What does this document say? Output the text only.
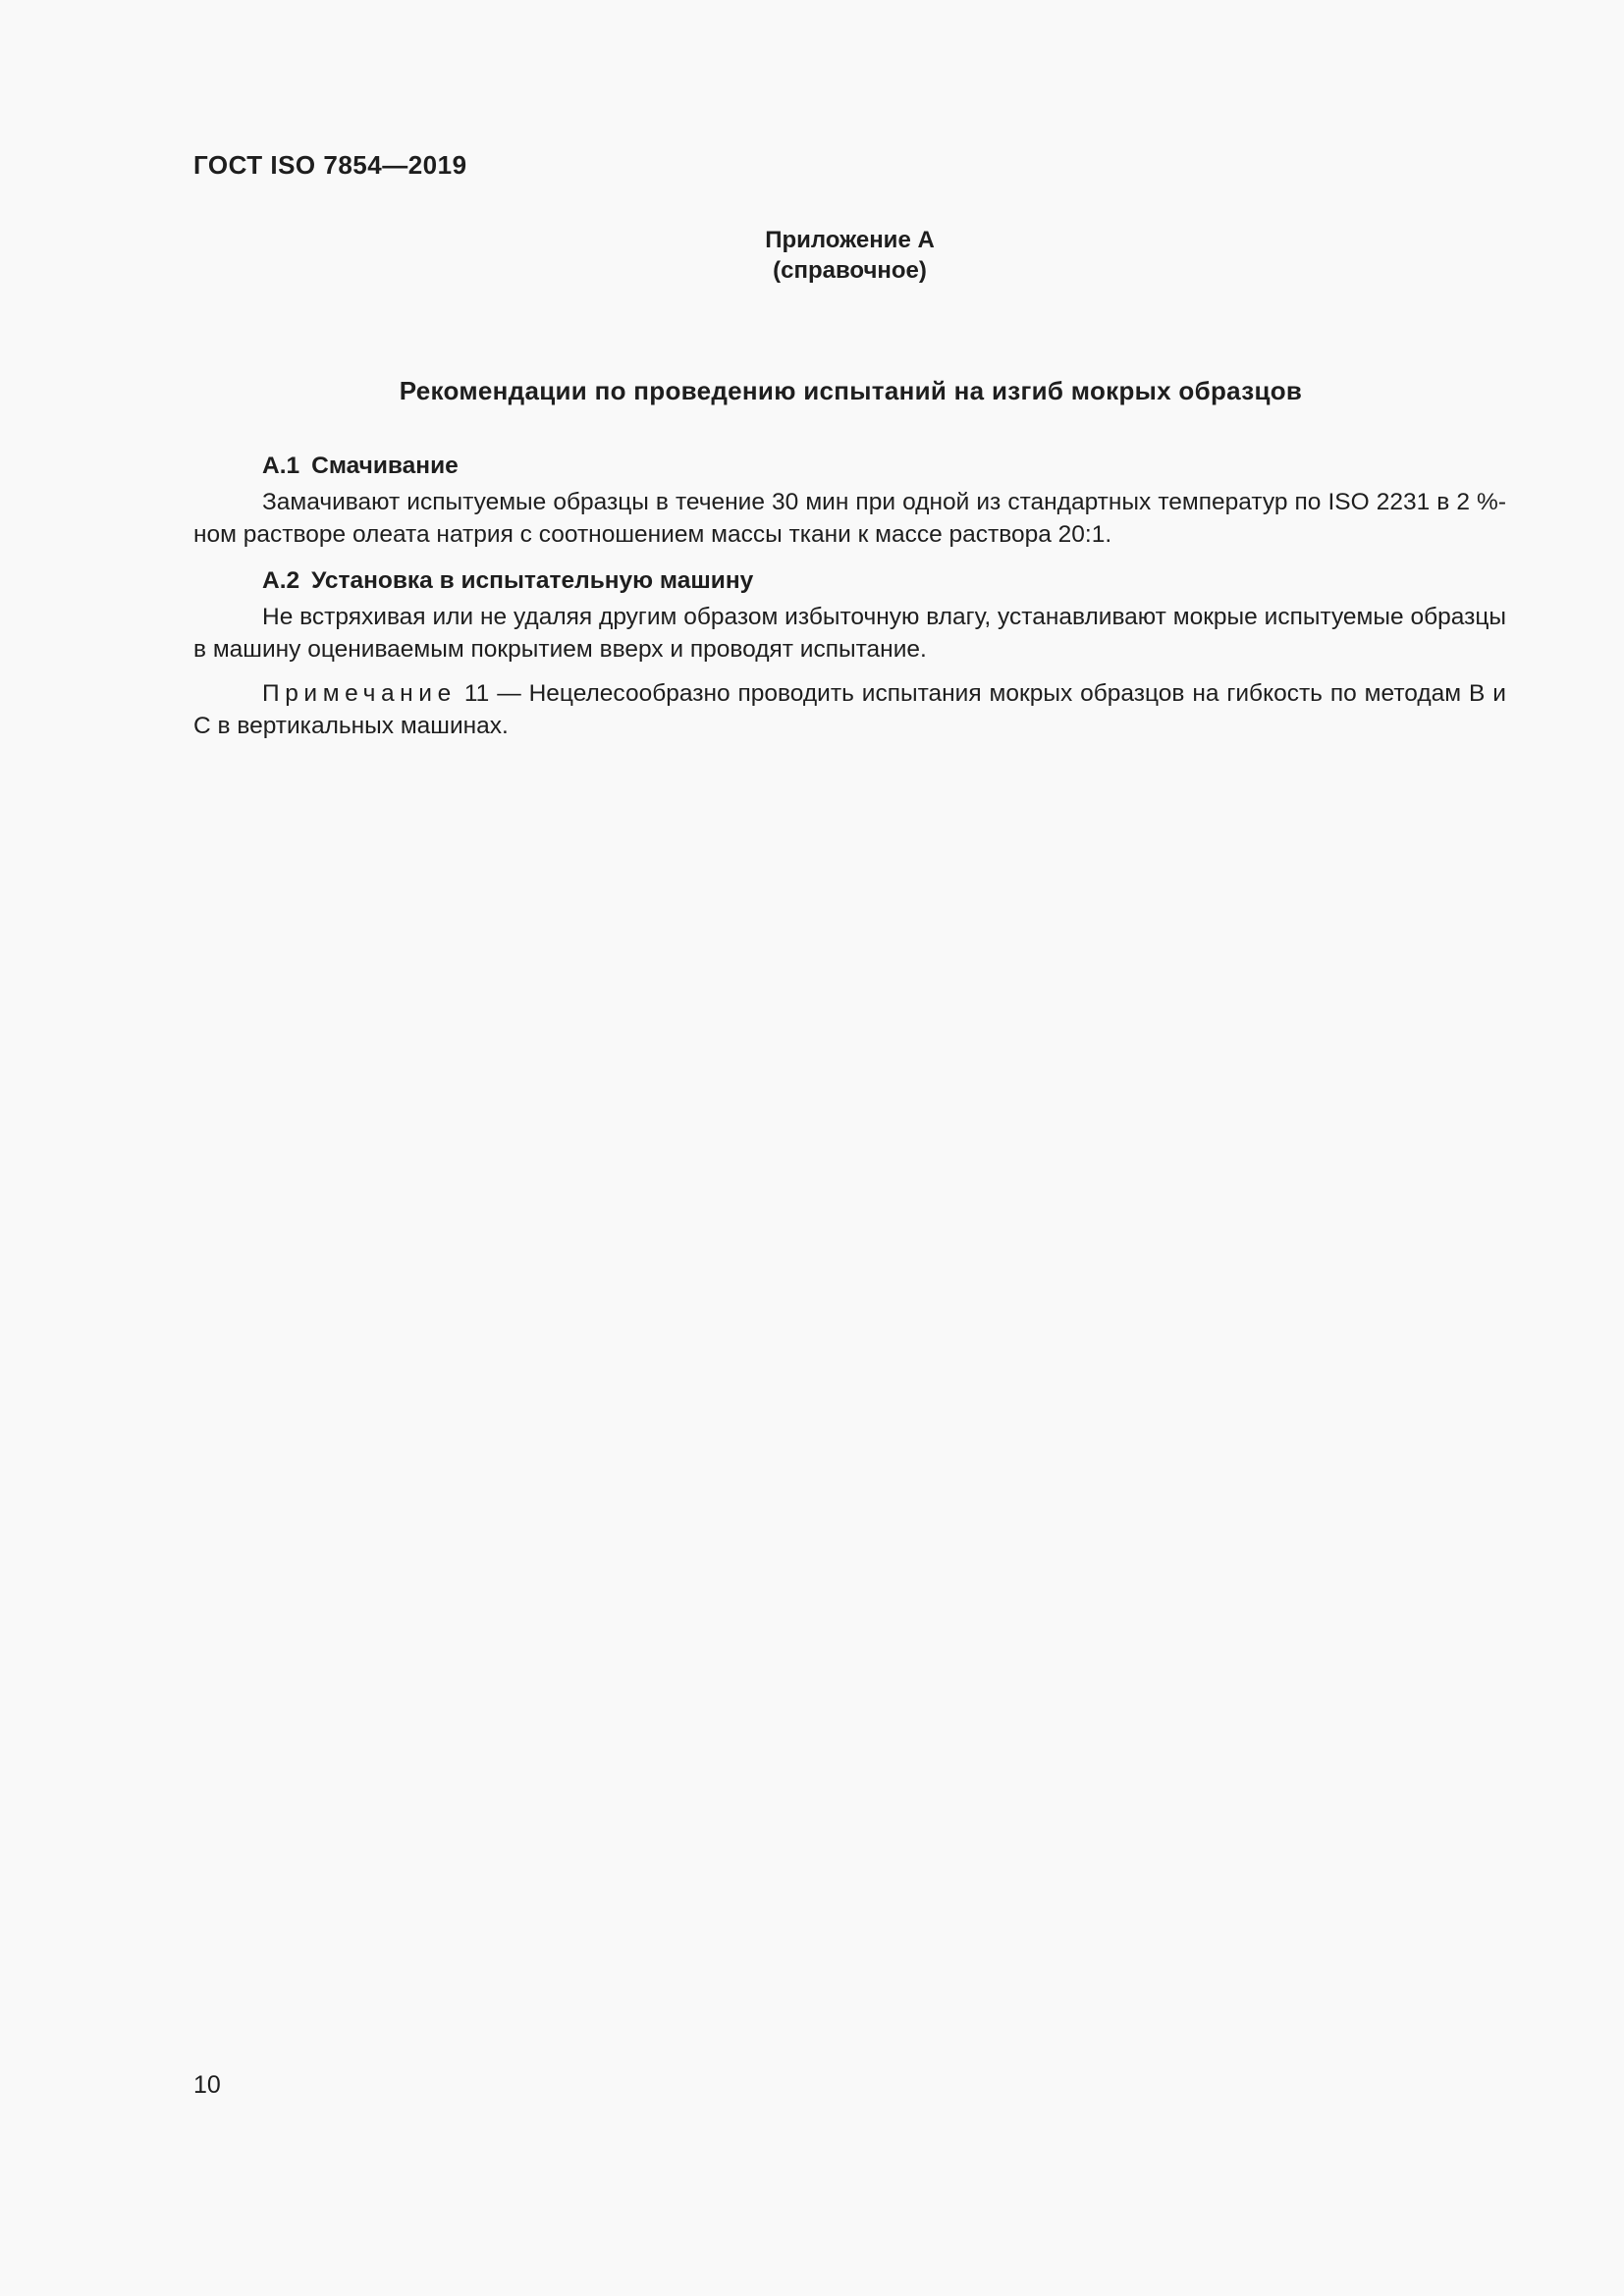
ГОСТ ISO 7854—2019
Приложение А
(справочное)
Рекомендации по проведению испытаний на изгиб мокрых образцов
А.1 Смачивание

Замачивают испытуемые образцы в течение 30 мин при одной из стандартных температур по ISO 2231 в 2 %-ном растворе олеата натрия с соотношением массы ткани к массе раствора 20:1.

А.2 Установка в испытательную машину

Не встряхивая или не удаляя другим образом избыточную влагу, устанавливают мокрые испытуемые образцы в машину оцениваемым покрытием вверх и проводят испытание.

Примечание 11 — Нецелесообразно проводить испытания мокрых образцов на гибкость по методам B и C в вертикальных машинах.

10
